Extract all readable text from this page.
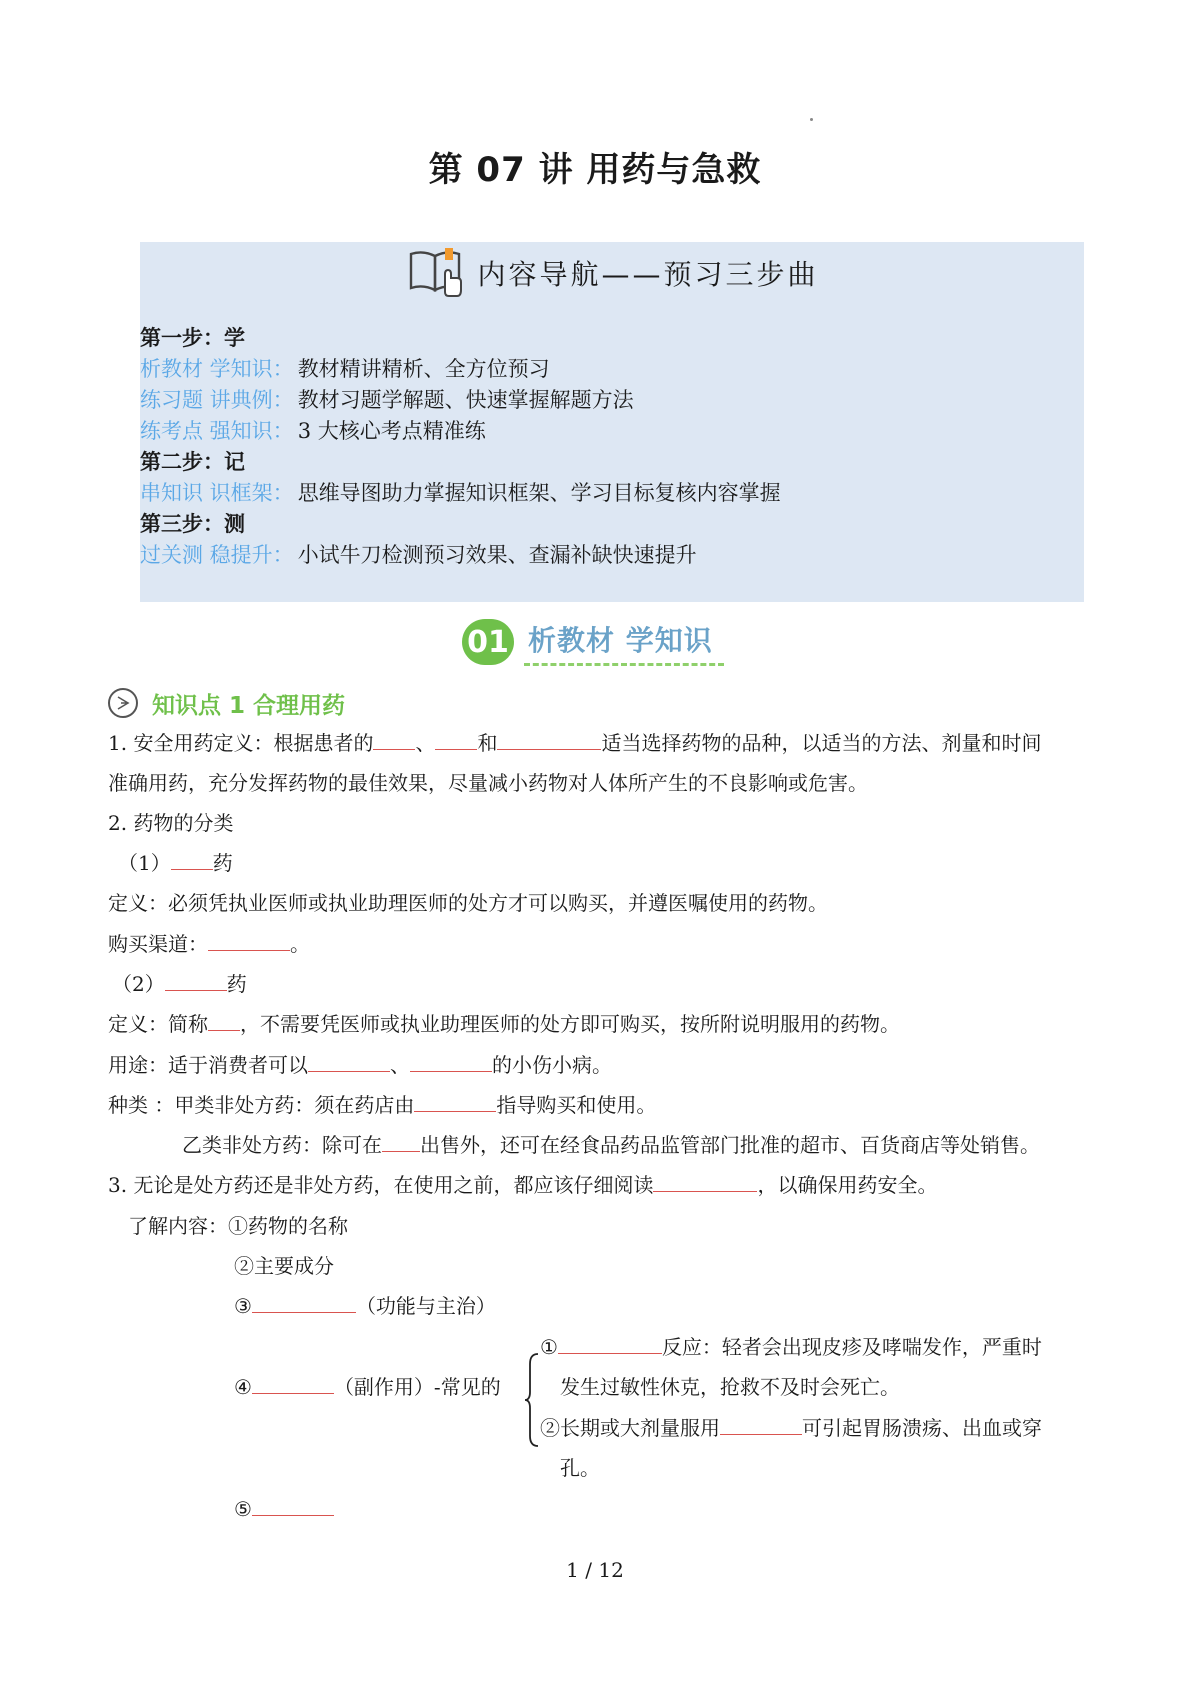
第 07 讲 用药与急救
内容导航——预习三步曲
第一步：学
析教材 学知识： 教材精讲精析、全方位预习
练习题 讲典例： 教材习题学解题、快速掌握解题方法
练考点 强知识： 3 大核心考点精准练
第二步：记
串知识 识框架： 思维导图助力掌握知识框架、学习目标复核内容掌握
第三步：测
过关测 稳提升： 小试牛刀检测预习效果、查漏补缺快速提升
01 析教材 学知识
知识点 1 合理用药
1. 安全用药定义：根据患者的 、 和	适当选择药物的品种，以适当的方法、剂量和时间
准确用药，充分发挥药物的最佳效果，尽量减小药物对人体所产生的不良影响或危害。
2. 药物的分类
（1） 药
定义：必须凭执业医师或执业助理医师的处方才可以购买，并遵医嘱使用的药物。
购买渠道：	。
（2）	药
定义：简称 ，不需要凭医师或执业助理医师的处方即可购买，按所附说明服用的药物。
用途：适于消费者可以	、	的小伤小病。
种类 ：甲类非处方药：须在药店由	指导购买和使用。
乙类非处方药：除可在 出售外，还可在经食品药品监管部门批准的超市、百货商店等处销售。
3. 无论是处方药还是非处方药，在使用之前，都应该仔细阅读	，以确保用药安全。
了解内容：①药物的名称
②主要成分
③	（功能与主治）
①	反应：轻者会出现皮疹及哮喘发作，严重时
④	（副作用）-常见的	发生过敏性休克，抢救不及时会死亡。
②长期或大剂量服用	可引起胃肠溃疡、出血或穿
孔。
⑤
1 / 12
